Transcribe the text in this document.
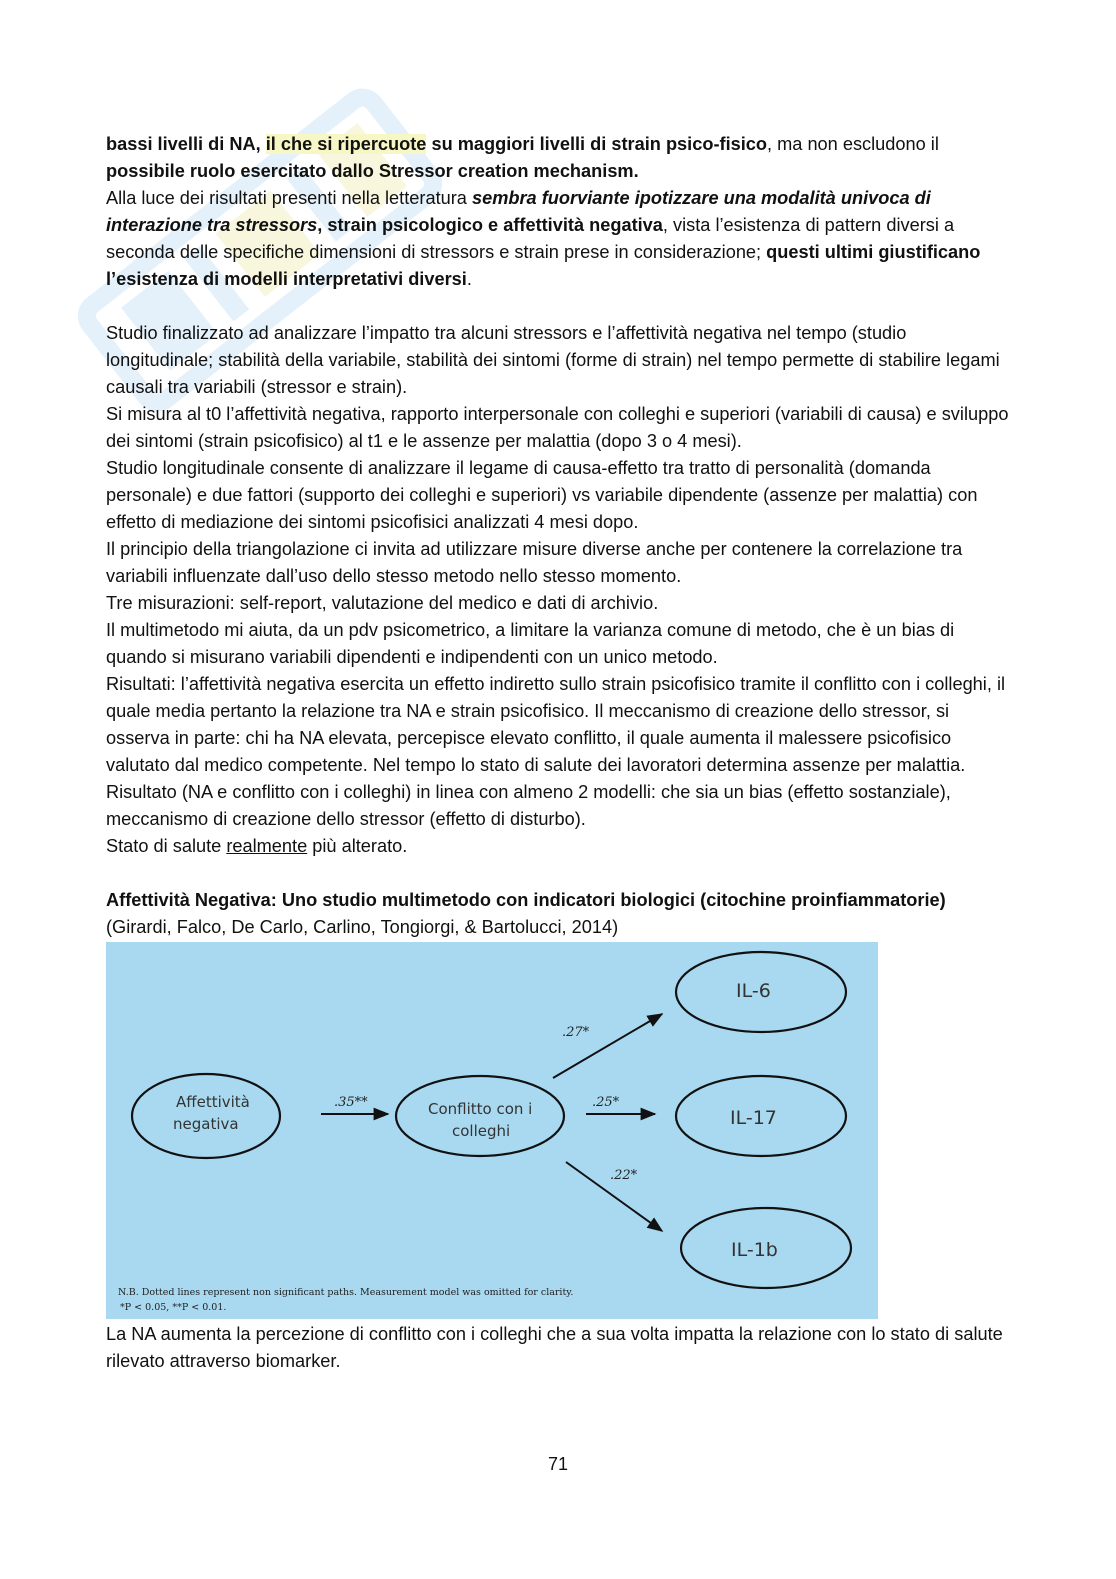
bassi livelli di NA, il che si ripercuote su maggiori livelli di strain psico-fisico, ma non escludono il possibile ruolo esercitato dallo Stressor creation mechanism.

Alla luce dei risultati presenti nella letteratura sembra fuorviante ipotizzare una modalità univoca di interazione tra stressors, strain psicologico e affettività negativa, vista l’esistenza di pattern diversi a seconda delle specifiche dimensioni di stressors e strain prese in considerazione; questi ultimi giustificano l’esistenza di modelli interpretativi diversi.

Studio finalizzato ad analizzare l’impatto tra alcuni stressors e l’affettività negativa nel tempo (studio longitudinale; stabilità della variabile, stabilità dei sintomi (forme di strain) nel tempo permette di stabilire legami causali tra variabili (stressor e strain).

Si misura al t0 l’affettività negativa, rapporto interpersonale con colleghi e superiori (variabili di causa) e sviluppo dei sintomi (strain psicofisico) al t1 e le assenze per malattia (dopo 3 o 4 mesi).

Studio longitudinale consente di analizzare il legame di causa-effetto tra tratto di personalità (domanda personale) e due fattori (supporto dei colleghi e superiori) vs variabile dipendente (assenze per malattia) con effetto di mediazione dei sintomi psicofisici analizzati 4 mesi dopo.

Il principio della triangolazione ci invita ad utilizzare misure diverse anche per contenere la correlazione tra variabili influenzate dall’uso dello stesso metodo nello stesso momento.

Tre misurazioni: self-report, valutazione del medico e dati di archivio.

Il multimetodo mi aiuta, da un pdv psicometrico, a limitare la varianza comune di metodo, che è un bias di quando si misurano variabili dipendenti e indipendenti con un unico metodo.

Risultati: l’affettività negativa esercita un effetto indiretto sullo strain psicofisico tramite il conflitto con i colleghi, il quale media pertanto la relazione tra NA e strain psicofisico. Il meccanismo di creazione dello stressor, si osserva in parte: chi ha NA elevata, percepisce elevato conflitto, il quale aumenta il malessere psicofisico valutato dal medico competente. Nel tempo lo stato di salute dei lavoratori determina assenze per malattia.

Risultato (NA e conflitto con i colleghi) in linea con almeno 2 modelli: che sia un bias (effetto sostanziale), meccanismo di creazione dello stressor (effetto di disturbo).

Stato di salute realmente più alterato.

Affettività Negativa: Uno studio multimetodo con indicatori biologici (citochine proinfiammatorie) (Girardi, Falco, De Carlo, Carlino, Tongiorgi, & Bartolucci, 2014)

Affettività
negativa
Conflitto con i
colleghi
IL-6
IL-17
IL-1b
.35**
.27*
.25*
.22*
N.B. Dotted lines represent non significant paths. Measurement model was omitted for clarity.
*P < 0.05, **P < 0.01.

La NA aumenta la percezione di conflitto con i colleghi che a sua volta impatta la relazione con lo stato di salute rilevato attraverso biomarker.

71
